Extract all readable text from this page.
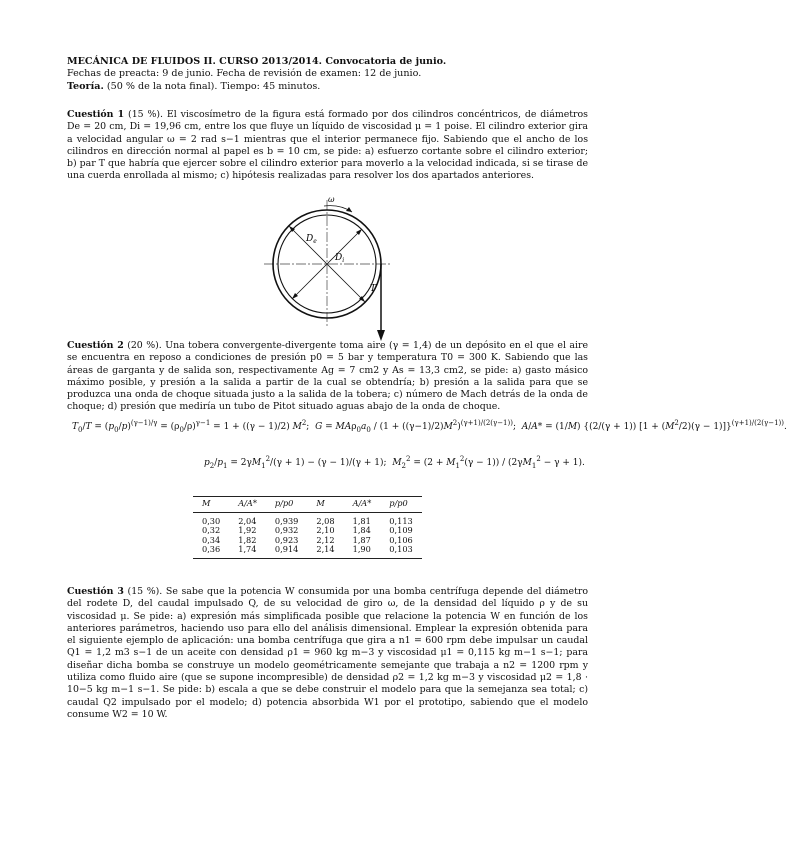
MECÁNICA DE FLUIDOS II. CURSO 2013/2014. Convocatoria de junio.
Fechas de preacta: 9 de junio. Fecha de revisión de examen: 12 de junio.
Teoría. (50 % de la nota final). Tiempo: 45 minutos.
Cuestión 1 (15 %). El viscosímetro de la figura está formado por dos cilindros concéntricos, de diámetros De = 20 cm, Di = 19,96 cm, entre los que fluye un líquido de viscosidad μ = 1 poise. El cilindro exterior gira a velocidad angular ω = 2 rad s−1 mientras que el interior permanece fijo. Sabiendo que el ancho de los cilindros en dirección normal al papel es b = 10 cm, se pide: a) esfuerzo cortante sobre el cilindro exterior; b) par T que habría que ejercer sobre el cilindro exterior para moverlo a la velocidad indicada, si se tirase de una cuerda enrollada al mismo; c) hipótesis realizadas para resolver los dos apartados anteriores.
ω
$D_e$
$D_i$
T
Cuestión 2 (20 %). Una tobera convergente-divergente toma aire (γ = 1,4) de un depósito en el que el aire se encuentra en reposo a condiciones de presión p0 = 5 bar y temperatura T0 = 300 K. Sabiendo que las áreas de garganta y de salida son, respectivamente Ag = 7 cm2 y As = 13,3 cm2, se pide: a) gasto másico máximo posible, y presión a la salida a partir de la cual se obtendría; b) presión a la salida para que se produzca una onda de choque situada justo a la salida de la tobera; c) número de Mach detrás de la onda de choque; d) presión que mediría un tubo de Pitot situado aguas abajo de la onda de choque.
$T_0/T = (p_0/p)^{(\gamma-1)/\gamma} = (\rho_0/\rho)^{\gamma-1} = 1 + ((\gamma - 1)/2)$ $M^2$;  $G = MA\rho_0a_0 / (1 + ((\gamma-1)/2)M^2)^{(\gamma+1)/(2(\gamma-1))}$;  A/A* = (1/M) {(2/(γ + 1)) $[1 + (M^2/2)(\gamma - 1)]\}^{(\gamma+1)/(2(\gamma-1))}$.
$p_2/p_1 = 2\gamma M_1^2/(\gamma + 1) - (\gamma - 1)/(\gamma + 1)$;  $M_2^2 = (2 + M_1^2(\gamma - 1)) / (2\gamma M_1^2 - \gamma + 1)$.
M	A/A*	p/p0	M	A/A*	p/p0
0,30	2,04	0,939	2,08	1,81	0,113
0,32	1,92	0,932	2,10	1,84	0,109
0,34	1,82	0,923	2,12	1,87	0,106
0,36	1,74	0,914	2,14	1,90	0,103
Cuestión 3 (15 %). Se sabe que la potencia W consumida por una bomba centrífuga depende del diámetro del rodete D, del caudal impulsado Q, de su velocidad de giro ω, de la densidad del líquido ρ y de su viscosidad μ. Se pide: a) expresión más simplificada posible que relacione la potencia W en función de los anteriores parámetros, haciendo uso para ello del análisis dimensional. Emplear la expresión obtenida para el siguiente ejemplo de aplicación: una bomba centrífuga que gira a n1 = 600 rpm debe impulsar un caudal Q1 = 1,2 m3 s−1 de un aceite con densidad ρ1 = 960 kg m−3 y viscosidad μ1 = 0,115 kg m−1 s−1; para diseñar dicha bomba se construye un modelo geométricamente semejante que trabaja a n2 = 1200 rpm y utiliza como fluido aire (que se supone incompresible) de densidad ρ2 = 1,2 kg m−3 y viscosidad μ2 = 1,8 · 10−5 kg m−1 s−1. Se pide: b) escala a que se debe construir el modelo para que la semejanza sea total; c) caudal Q2 impulsado por el modelo; d) potencia absorbida W1 por el prototipo, sabiendo que el modelo consume W2 = 10 W.
